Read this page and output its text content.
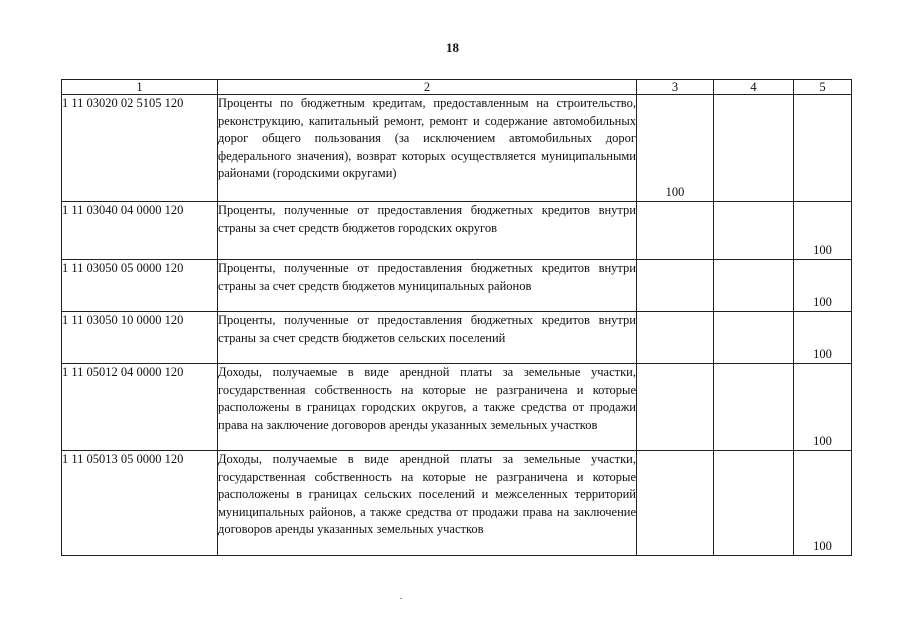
18
1	2	3	4	5
1 11 03020 02 5105 120	Проценты по бюджетным кредитам, предоставленным на строительство, реконструкцию, капитальный ремонт, ремонт и содержание автомобильных дорог общего пользования (за исключением автомобильных дорог федерального значения), возврат которых осуществляется муниципальными районами (городскими округами)	100		
1 11 03040 04 0000 120	Проценты, полученные от предоставления бюджетных кредитов внутри страны за счет средств бюджетов городских округов			100
1 11 03050 05 0000 120	Проценты, полученные от предоставления бюджетных кредитов внутри страны за счет средств бюджетов муниципальных районов			100
1 11 03050 10 0000 120	Проценты, полученные от предоставления бюджетных кредитов внутри страны за счет средств бюджетов сельских поселений			100
1 11 05012 04 0000 120	Доходы, получаемые в виде арендной платы за земельные участки, государственная собственность на которые не разграничена и которые расположены в границах городских округов, а также средства от продажи права на заключение договоров аренды указанных земельных участков			100
1 11 05013 05 0000 120	Доходы, получаемые в виде арендной платы за земельные участки, государственная собственность на которые не разграничена и которые расположены в границах сельских поселений и межселенных территорий муниципальных районов, а также средства от продажи права на заключение договоров аренды указанных земельных участков			100
